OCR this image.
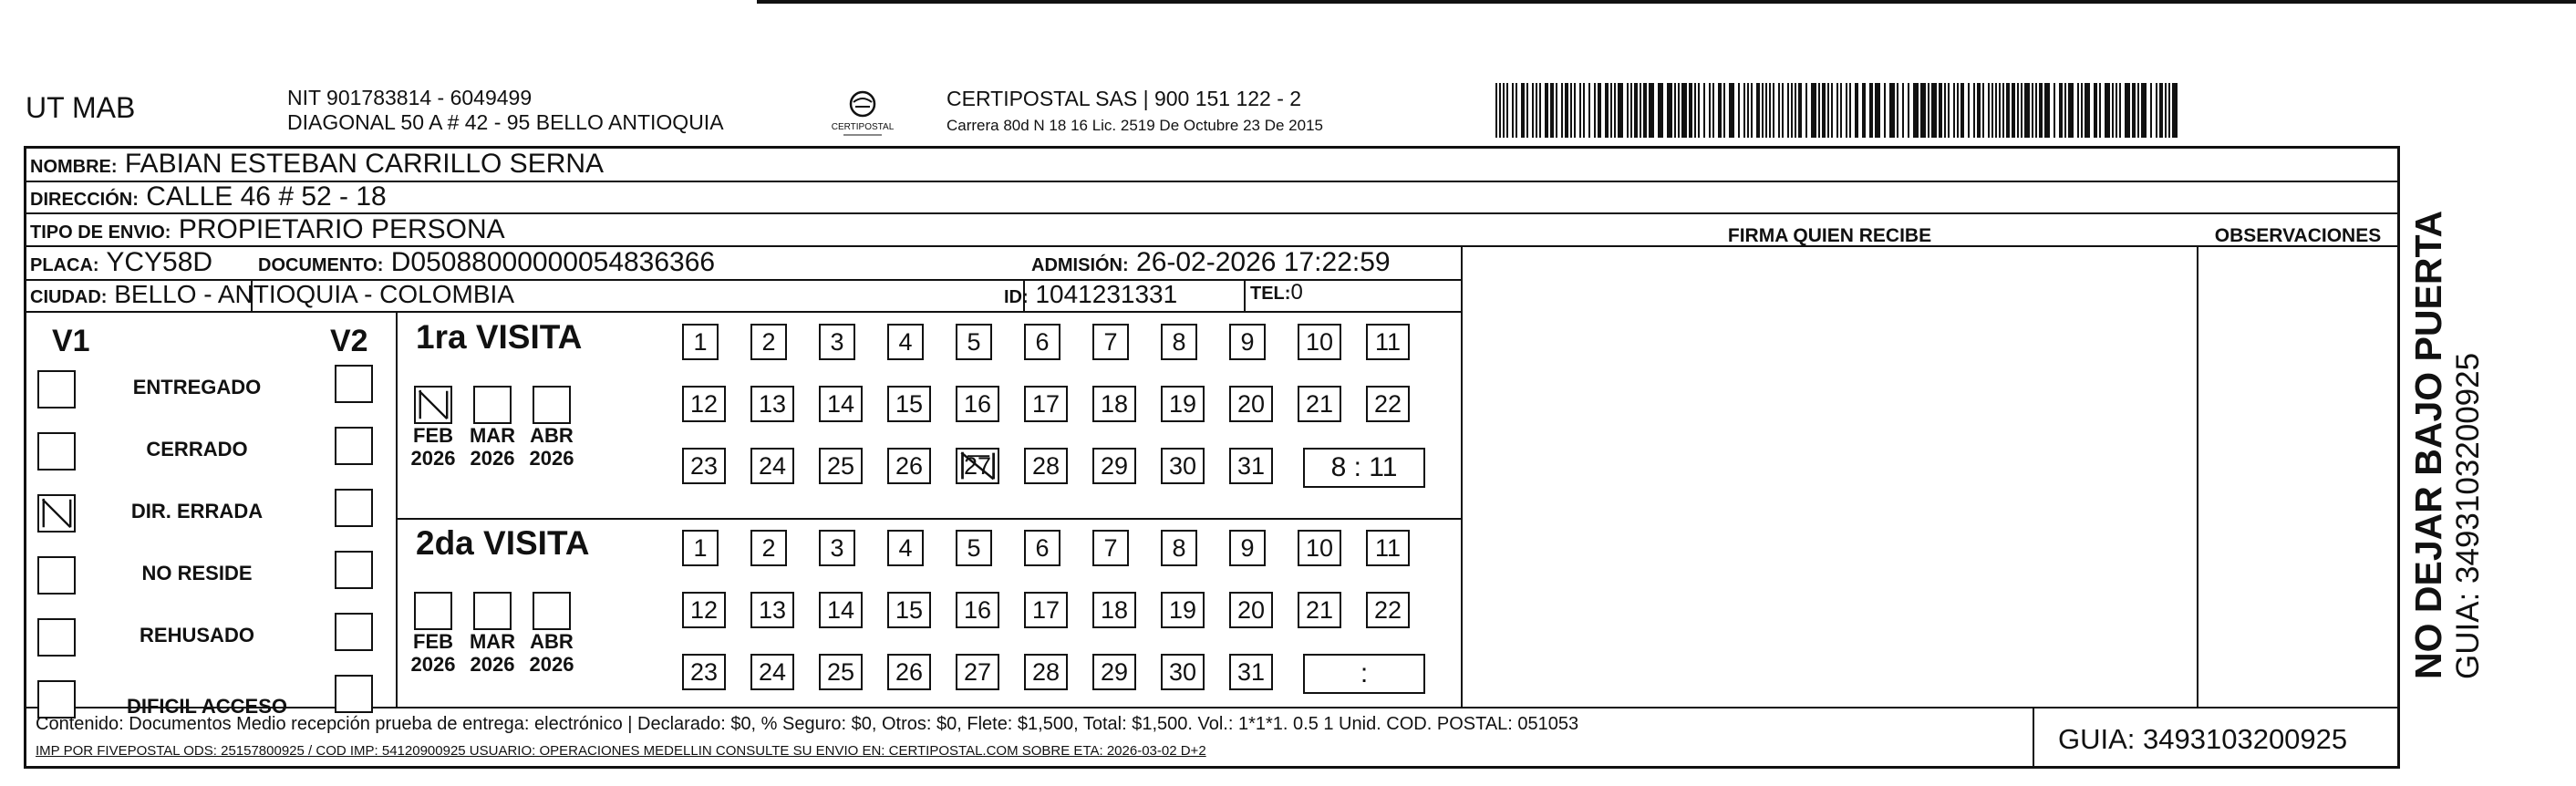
UT MAB	NIT 901783814 - 6049499
DIAGONAL 50 A # 42 - 95 BELLO ANTIOQUIA	CERTIPOSTAL
CERTIPOSTAL SAS | 900 151 122 - 2
Carrera 80d N 18 16 Lic. 2519 De Octubre 23 De 2015
NOMBRE: FABIAN ESTEBAN CARRILLO SERNA
DIRECCIÓN: CALLE 46 # 52 - 18
TIPO DE ENVIO: PROPIETARIO PERSONA
PLACA: YCY58D DOCUMENTO: D05088000000054836366	ADMISIÓN: 26-02-2026 17:22:59
CIUDAD: BELLO - ANTIOQUIA - COLOMBIA	ID: 1041231331	TEL:0
FIRMA QUIEN RECIBE	OBSERVACIONES
V1	V2
ENTREGADO
CERRADO
DIR. ERRADA
NO RESIDE
REHUSADO
DIFICIL ACCESO
1ra VISITA
FEB
2026
MAR
2026
ABR
2026
1 2 3 4 5 6 7 8 9 10 11
12 13 14 15 16 17 18 19 20 21 22
23 24 25 26 27 28 29 30 31 8 : 11
2da VISITA
FEB
2026
MAR
2026
ABR
2026
1 2 3 4 5 6 7 8 9 10 11
12 13 14 15 16 17 18 19 20 21 22
23 24 25 26 27 28 29 30 31	:
Contenido: Documentos Medio recepción prueba de entrega: electrónico | Declarado: $0, % Seguro: $0, Otros: $0, Flete: $1,500, Total: $1,500. Vol.: 1*1*1. 0.5 1 Unid. COD. POSTAL: 051053
IMP POR FIVEPOSTAL ODS: 25157800925 / COD IMP: 54120900925 USUARIO: OPERACIONES MEDELLIN CONSULTE SU ENVIO EN: CERTIPOSTAL.COM SOBRE ETA: 2026-03-02 D+2	GUIA: 3493103200925
NO DEJAR BAJO PUERTA GUIA: 3493103200925
